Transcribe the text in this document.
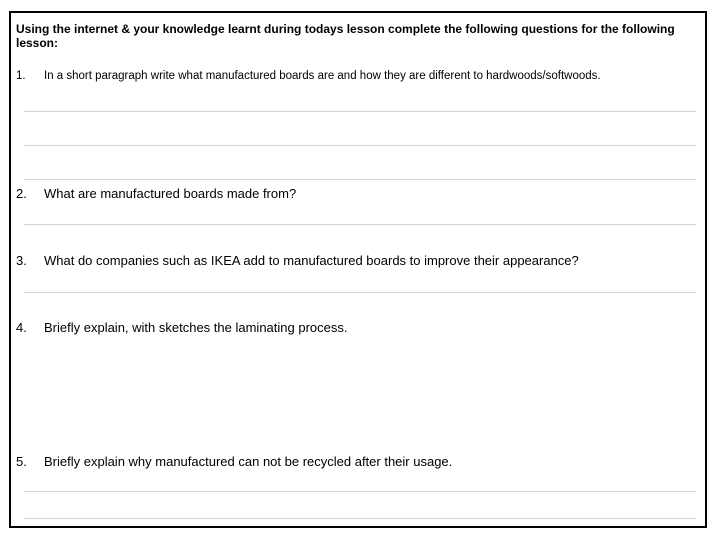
Using the internet & your knowledge learnt during todays lesson complete the following questions for the following lesson:
1. In a short paragraph write what manufactured boards are and how they are different to hardwoods/softwoods.
2. What are manufactured boards made from?
3. What do companies such as IKEA add to manufactured boards to improve their appearance?
4. Briefly explain, with sketches the laminating process.
5. Briefly explain why manufactured can not be recycled after their usage.
